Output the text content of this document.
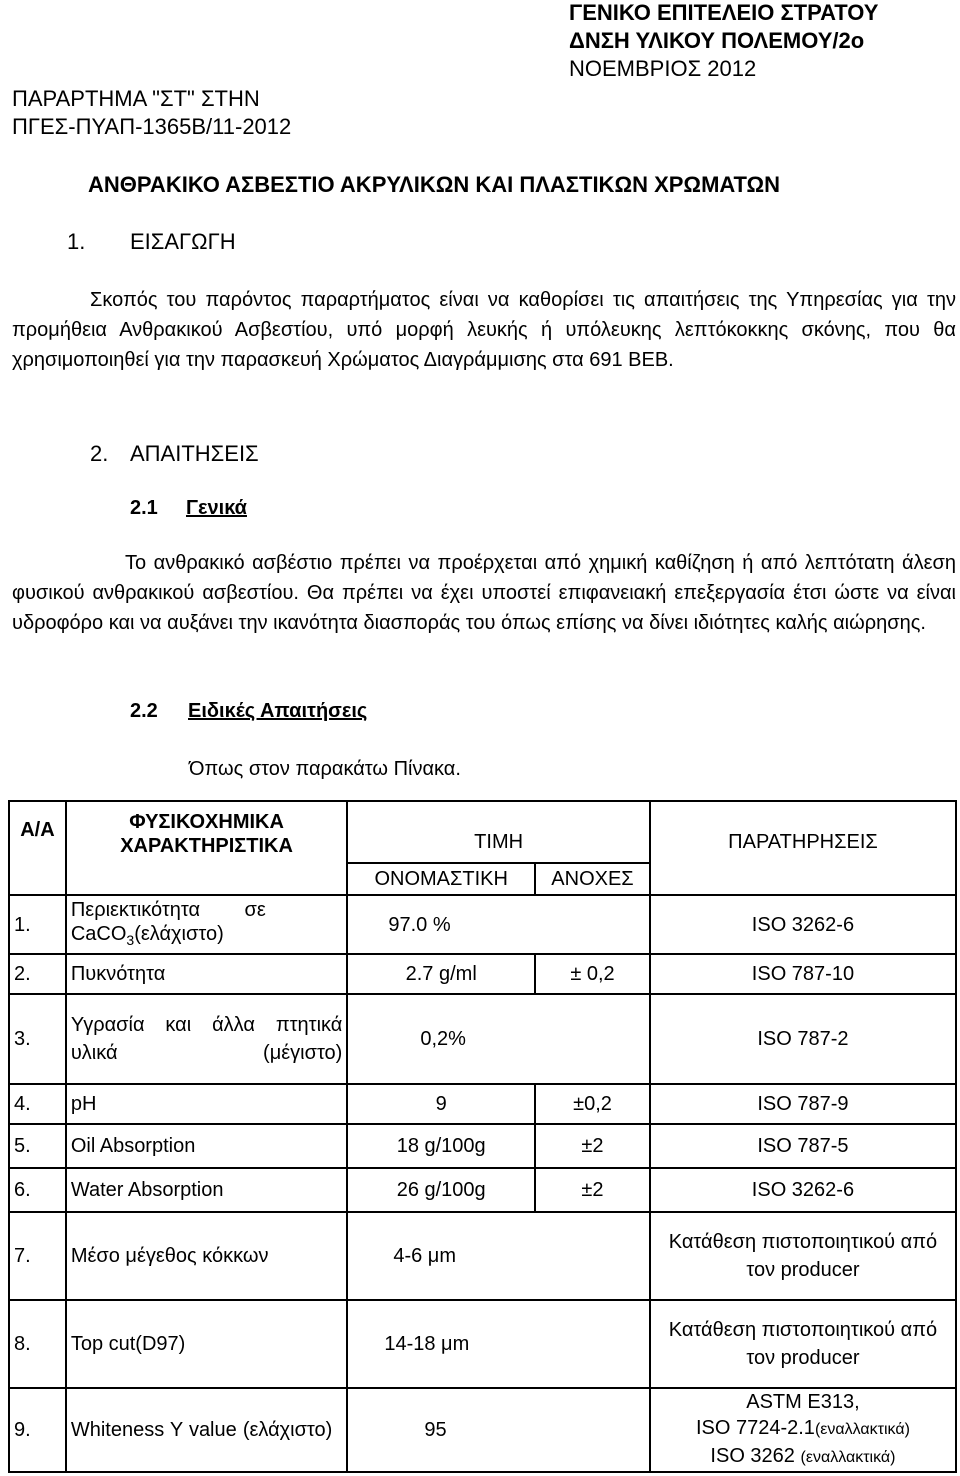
ΓΕΝΙΚΟ ΕΠΙΤΕΛΕΙΟ ΣΤΡΑΤΟΥ
ΔΝΣΗ ΥΛΙΚΟΥ ΠΟΛΕΜΟΥ/2ο
ΝΟΕΜΒΡΙΟΣ 2012
ΠΑΡΑΡΤΗΜΑ "ΣΤ" ΣΤΗΝ
ΠΓΕΣ-ΠΥΑΠ-1365Β/11-2012
ΑΝΘΡΑΚΙΚΟ ΑΣΒΕΣΤΙΟ ΑΚΡΥΛΙΚΩΝ ΚΑΙ ΠΛΑΣΤΙΚΩΝ ΧΡΩΜΑΤΩΝ
1. ΕΙΣΑΓΩΓΗ

Σκοπός του παρόντος παραρτήματος είναι να καθορίσει τις απαιτήσεις της Υπηρεσίας για την προμήθεια Ανθρακικού Ασβεστίου, υπό μορφή λευκής ή υπόλευκης λεπτόκοκκης σκόνης, που θα χρησιμοποιηθεί για την παρασκευή Χρώματος Διαγράμμισης στα 691 ΒΕΒ.

2. ΑΠΑΙΤΗΣΕΙΣ
2.1 Γενικά

Το ανθρακικό ασβέστιο πρέπει να προέρχεται από χημική καθίζηση ή από λεπτότατη άλεση φυσικού ανθρακικού ασβεστίου. Θα πρέπει να έχει υποστεί επιφανειακή επεξεργασία έτσι ώστε να είναι υδροφόρο και να αυξάνει την ικανότητα διασποράς του όπως επίσης να δίνει ιδιότητες καλής αιώρησης.

2.2 Ειδικές Απαιτήσεις
Όπως στον παρακάτω Πίνακα.
Α/Α	ΦΥΣΙΚΟΧΗΜΙΚΑ
ΧΑΡΑΚΤΗΡΙΣΤΙΚΑ	ΤΙΜΗ		ΠΑΡΑΤΗΡΗΣΕΙΣ
		ΟΝΟΜΑΣΤΙΚΗ	ΑΝΟΧΕΣ	
1.	Περιεκτικότητα        σε
CaCO$_3$(ελάχιστο)	97.0 %		ISO 3262-6
2.	Πυκνότητα	2.7 g/ml	± 0,2	ISO 787-10
3.	Υγρασία και άλλα πτητικά υλικά (μέγιστο)	0,2%		ISO 787-2
4.	pH	9	±0,2	ISO 787-9
5.	Oil Absorption	18 g/100g	±2	ISO 787-5
6.	Water Absorption	26 g/100g	±2	ISO 3262-6
7.	Μέσο μέγεθος κόκκων	4-6 μm		Κατάθεση πιστοποιητικού από τον producer
8.	Top cut(D97)	14-18 μm		Κατάθεση πιστοποιητικού από τον producer
9.	Whiteness Y value (ελάχιστο)	95		ASTM E313,
ISO 7724-2.1(εναλλακτικά)
ISO 3262 (εναλλακτικά)
